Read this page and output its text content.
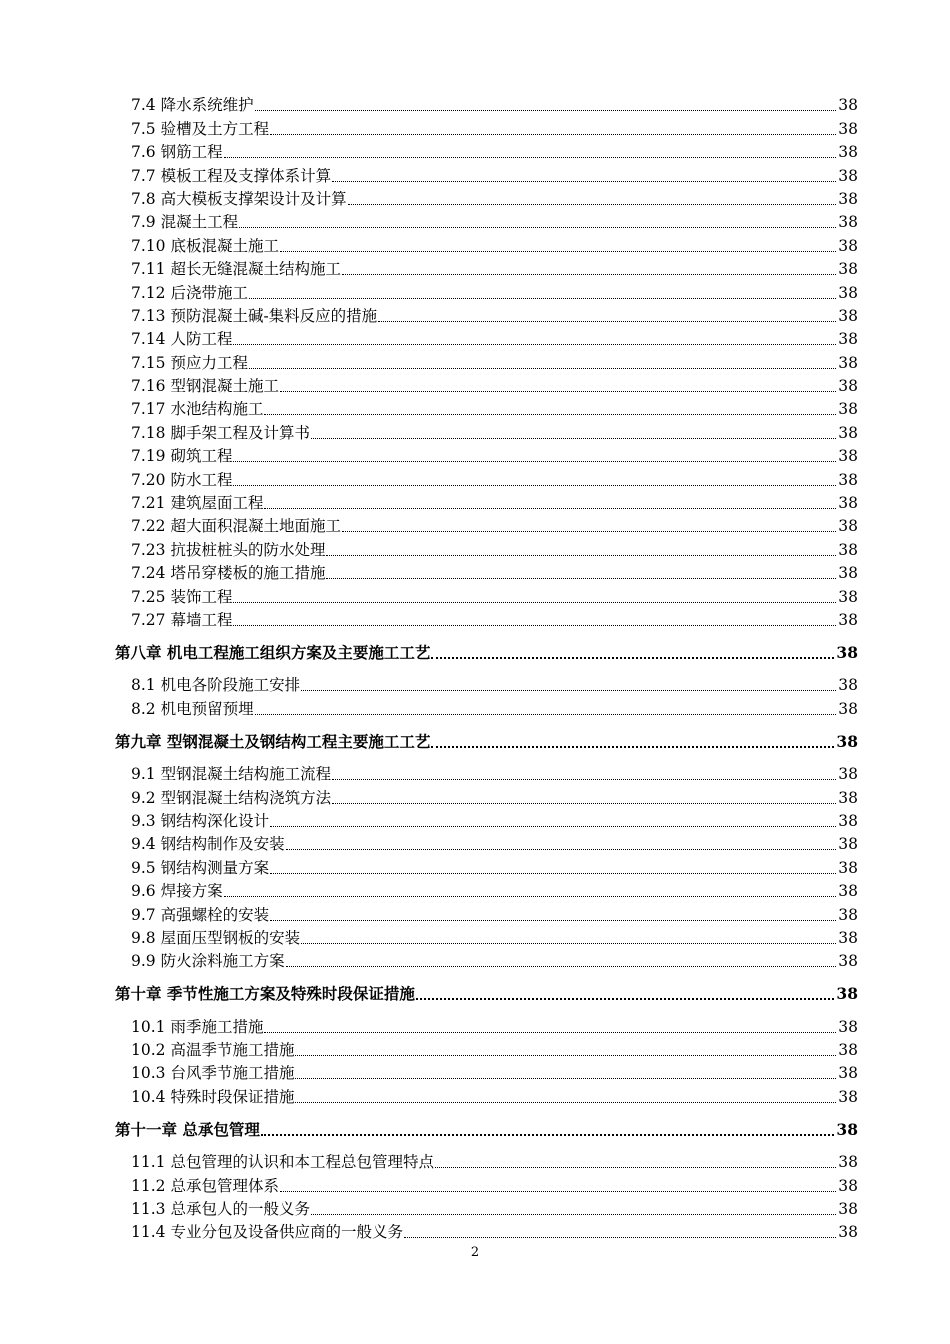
7.4 降水系统维护	38
7.5 验槽及土方工程	38
7.6 钢筋工程	38
7.7 模板工程及支撑体系计算	38
7.8 高大模板支撑架设计及计算	38
7.9 混凝土工程	38
7.10 底板混凝土施工	38
7.11 超长无缝混凝土结构施工	38
7.12 后浇带施工	38
7.13 预防混凝土碱-集料反应的措施	38
7.14 人防工程	38
7.15 预应力工程	38
7.16 型钢混凝土施工	38
7.17 水池结构施工	38
7.18 脚手架工程及计算书	38
7.19 砌筑工程	38
7.20 防水工程	38
7.21 建筑屋面工程	38
7.22 超大面积混凝土地面施工	38
7.23 抗拔桩桩头的防水处理	38
7.24 塔吊穿楼板的施工措施	38
7.25 装饰工程	38
7.27 幕墙工程	38
第八章 机电工程施工组织方案及主要施工工艺	38
8.1 机电各阶段施工安排	38
8.2 机电预留预埋	38
第九章 型钢混凝土及钢结构工程主要施工工艺	38
9.1 型钢混凝土结构施工流程	38
9.2 型钢混凝土结构浇筑方法	38
9.3 钢结构深化设计	38
9.4 钢结构制作及安装	38
9.5 钢结构测量方案	38
9.6 焊接方案	38
9.7 高强螺栓的安装	38
9.8 屋面压型钢板的安装	38
9.9 防火涂料施工方案	38
第十章 季节性施工方案及特殊时段保证措施	38
10.1 雨季施工措施	38
10.2 高温季节施工措施	38
10.3 台风季节施工措施	38
10.4 特殊时段保证措施	38
第十一章 总承包管理	38
11.1 总包管理的认识和本工程总包管理特点	38
11.2 总承包管理体系	38
11.3 总承包人的一般义务	38
11.4 专业分包及设备供应商的一般义务	38
2
